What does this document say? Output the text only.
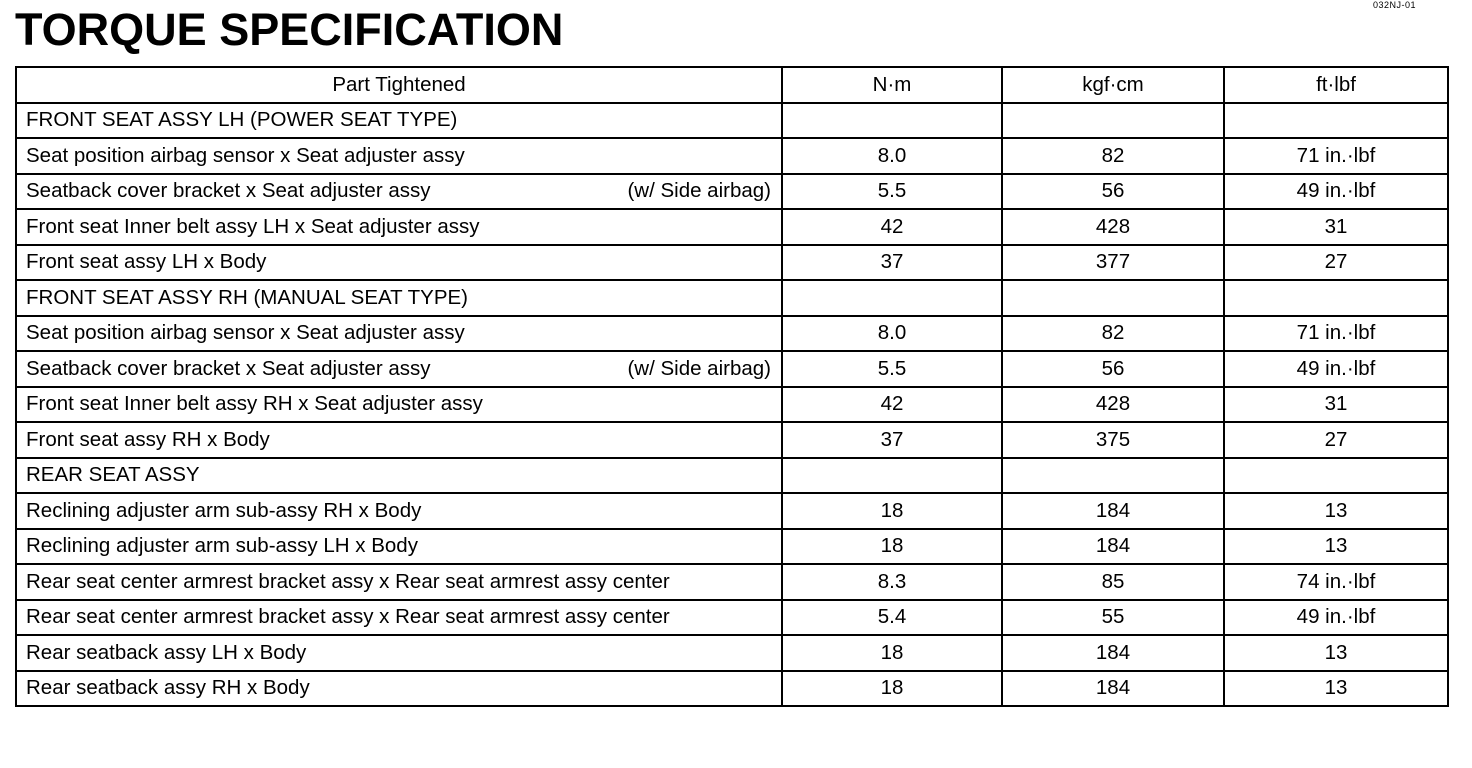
032NJ-01
TORQUE SPECIFICATION
Part Tightened	N·m	kgf·cm	ft·lbf

FRONT SEAT ASSY LH (POWER SEAT TYPE)			

Seat position airbag sensor x Seat adjuster assy	8.0	82	71 in.·lbf

Seatback cover bracket x Seat adjuster assy (w/ Side airbag)	5.5	56	49 in.·lbf

Front seat Inner belt assy LH x Seat adjuster assy	42	428	31

Front seat assy LH x Body	37	377	27

FRONT SEAT ASSY RH (MANUAL SEAT TYPE)			

Seat position airbag sensor x Seat adjuster assy	8.0	82	71 in.·lbf

Seatback cover bracket x Seat adjuster assy (w/ Side airbag)	5.5	56	49 in.·lbf

Front seat Inner belt assy RH x Seat adjuster assy	42	428	31

Front seat assy RH x Body	37	375	27

REAR SEAT ASSY			

Reclining adjuster arm sub-assy RH x Body	18	184	13

Reclining adjuster arm sub-assy LH x Body	18	184	13

Rear seat center armrest bracket assy x Rear seat armrest assy center	8.3	85	74 in.·lbf

Rear seat center armrest bracket assy x Rear seat armrest assy center	5.4	55	49 in.·lbf

Rear seatback assy LH x Body	18	184	13

Rear seatback assy RH x Body	18	184	13
